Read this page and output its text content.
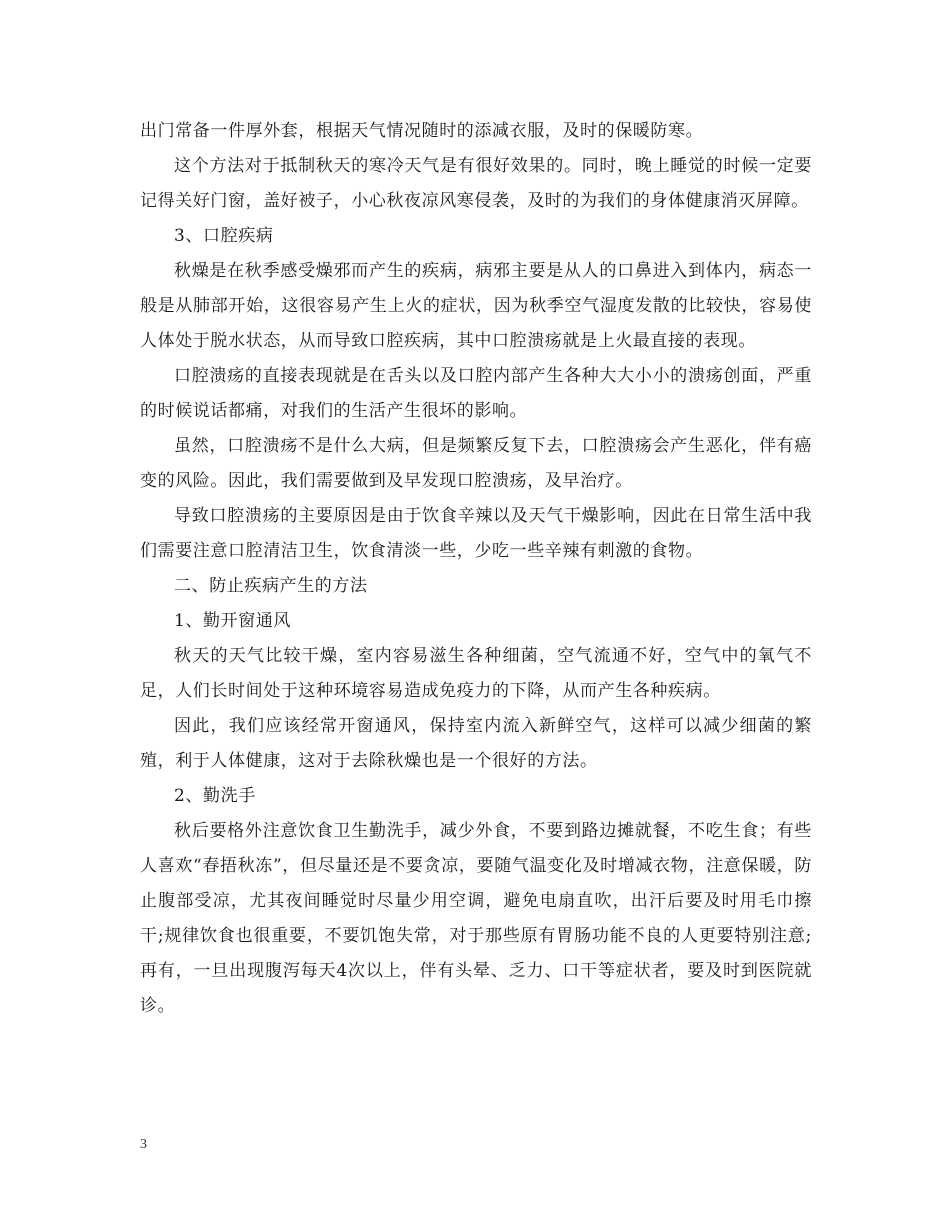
出门常备一件厚外套，根据天气情况随时的添减衣服，及时的保暖防寒。

这个方法对于抵制秋天的寒冷天气是有很好效果的。同时，晚上睡觉的时候一定要记得关好门窗，盖好被子，小心秋夜凉风寒侵袭，及时的为我们的身体健康消灭屏障。

3、口腔疾病

秋燥是在秋季感受燥邪而产生的疾病，病邪主要是从人的口鼻进入到体内，病态一般是从肺部开始，这很容易产生上火的症状，因为秋季空气湿度发散的比较快，容易使人体处于脱水状态，从而导致口腔疾病，其中口腔溃疡就是上火最直接的表现。

口腔溃疡的直接表现就是在舌头以及口腔内部产生各种大大小小的溃疡创面，严重的时候说话都痛，对我们的生活产生很坏的影响。

虽然，口腔溃疡不是什么大病，但是频繁反复下去，口腔溃疡会产生恶化，伴有癌变的风险。因此，我们需要做到及早发现口腔溃疡，及早治疗。

导致口腔溃疡的主要原因是由于饮食辛辣以及天气干燥影响，因此在日常生活中我们需要注意口腔清洁卫生，饮食清淡一些，少吃一些辛辣有刺激的食物。

二、防止疾病产生的方法

1、勤开窗通风

秋天的天气比较干燥，室内容易滋生各种细菌，空气流通不好，空气中的氧气不足，人们长时间处于这种环境容易造成免疫力的下降，从而产生各种疾病。

因此，我们应该经常开窗通风，保持室内流入新鲜空气，这样可以减少细菌的繁殖，利于人体健康，这对于去除秋燥也是一个很好的方法。

2、勤洗手

秋后要格外注意饮食卫生勤洗手，减少外食，不要到路边摊就餐，不吃生食；有些人喜欢“春捂秋冻”，但尽量还是不要贪凉，要随气温变化及时增减衣物，注意保暖，防止腹部受凉，尤其夜间睡觉时尽量少用空调，避免电扇直吹，出汗后要及时用毛巾擦干;规律饮食也很重要，不要饥饱失常，对于那些原有胃肠功能不良的人更要特别注意;再有，一旦出现腹泻每天4次以上，伴有头晕、乏力、口干等症状者，要及时到医院就诊。

3
